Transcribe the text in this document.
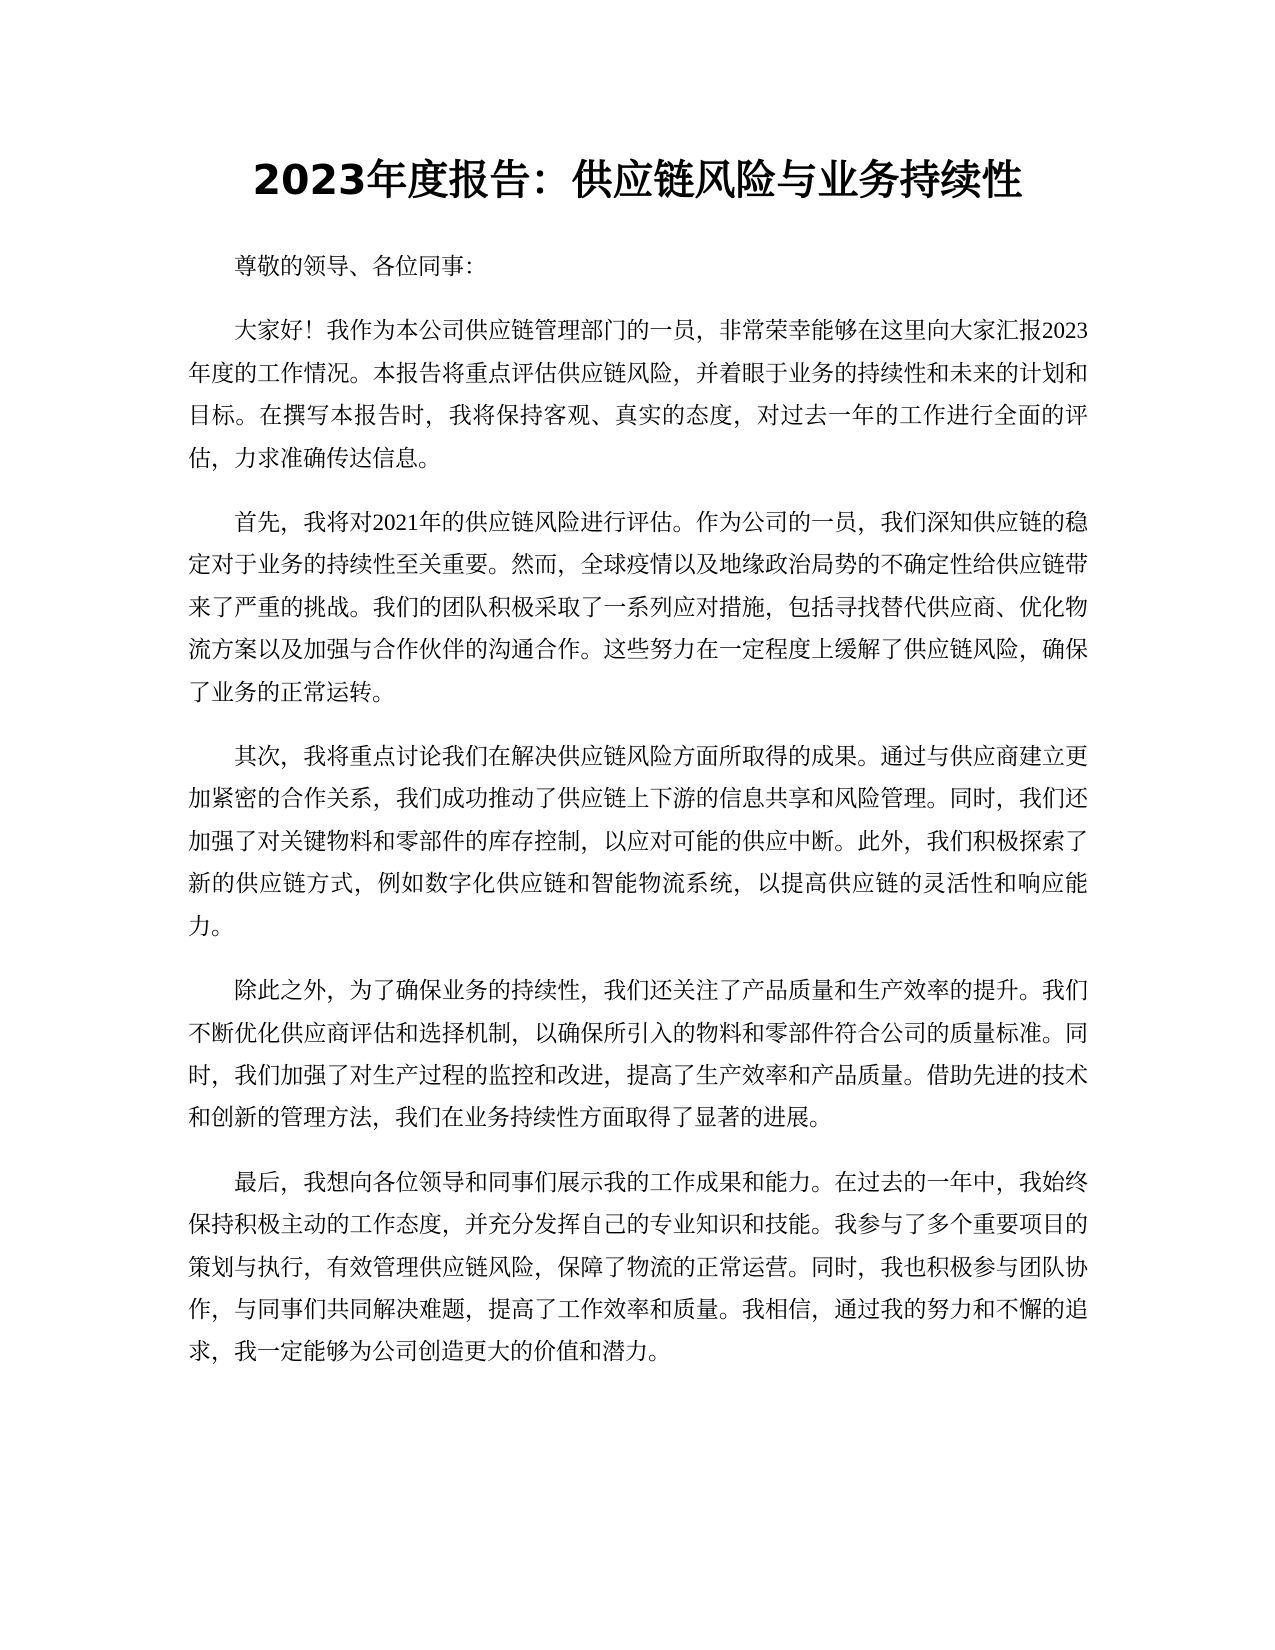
2023年度报告：供应链风险与业务持续性

尊敬的领导、各位同事：

大家好！我作为本公司供应链管理部门的一员，非常荣幸能够在这里向大家汇报2023年度的工作情况。本报告将重点评估供应链风险，并着眼于业务的持续性和未来的计划和目标。在撰写本报告时，我将保持客观、真实的态度，对过去一年的工作进行全面的评估，力求准确传达信息。

首先，我将对2021年的供应链风险进行评估。作为公司的一员，我们深知供应链的稳定对于业务的持续性至关重要。然而，全球疫情以及地缘政治局势的不确定性给供应链带来了严重的挑战。我们的团队积极采取了一系列应对措施，包括寻找替代供应商、优化物流方案以及加强与合作伙伴的沟通合作。这些努力在一定程度上缓解了供应链风险，确保了业务的正常运转。

其次，我将重点讨论我们在解决供应链风险方面所取得的成果。通过与供应商建立更加紧密的合作关系，我们成功推动了供应链上下游的信息共享和风险管理。同时，我们还加强了对关键物料和零部件的库存控制，以应对可能的供应中断。此外，我们积极探索了新的供应链方式，例如数字化供应链和智能物流系统，以提高供应链的灵活性和响应能力。

除此之外，为了确保业务的持续性，我们还关注了产品质量和生产效率的提升。我们不断优化供应商评估和选择机制，以确保所引入的物料和零部件符合公司的质量标准。同时，我们加强了对生产过程的监控和改进，提高了生产效率和产品质量。借助先进的技术和创新的管理方法，我们在业务持续性方面取得了显著的进展。

最后，我想向各位领导和同事们展示我的工作成果和能力。在过去的一年中，我始终保持积极主动的工作态度，并充分发挥自己的专业知识和技能。我参与了多个重要项目的策划与执行，有效管理供应链风险，保障了物流的正常运营。同时，我也积极参与团队协作，与同事们共同解决难题，提高了工作效率和质量。我相信，通过我的努力和不懈的追求，我一定能够为公司创造更大的价值和潜力。
